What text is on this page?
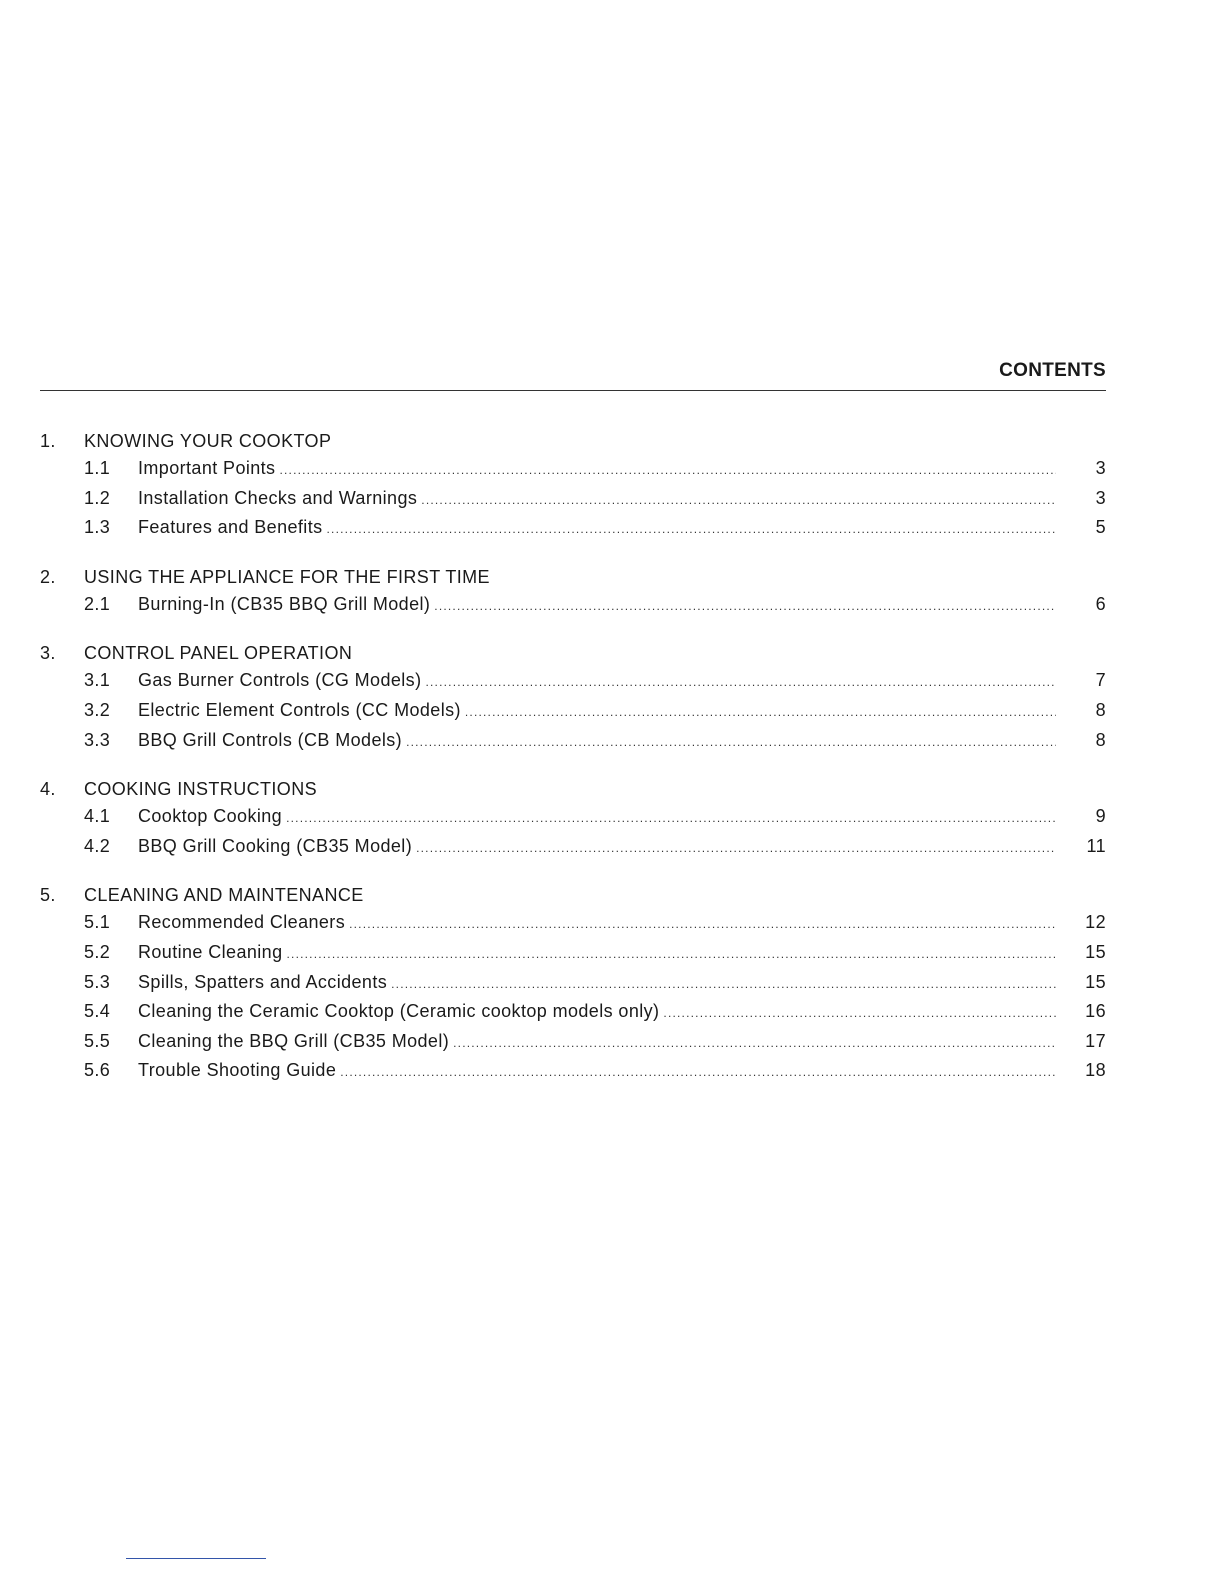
CONTENTS
1.	KNOWING YOUR COOKTOP
1.1	Important Points .....	3
1.2	Installation Checks and Warnings .....	3
1.3	Features and Benefits .....	5
2.	USING THE APPLIANCE FOR THE FIRST TIME
2.1	Burning-In (CB35 BBQ Grill Model) .....	6
3.	CONTROL PANEL OPERATION
3.1	Gas Burner Controls (CG Models) .....	7
3.2	Electric Element Controls (CC Models) .....	8
3.3	BBQ Grill Controls (CB Models) .....	8
4.	COOKING INSTRUCTIONS
4.1	Cooktop Cooking .....	9
4.2	BBQ Grill Cooking (CB35 Model) .....	11
5.	CLEANING AND MAINTENANCE
5.1	Recommended Cleaners .....	12
5.2	Routine Cleaning .....	15
5.3	Spills, Spatters and Accidents .....	15
5.4	Cleaning the Ceramic Cooktop (Ceramic cooktop models only) .....	16
5.5	Cleaning the BBQ Grill (CB35 Model) .....	17
5.6	Trouble Shooting Guide .....	18
